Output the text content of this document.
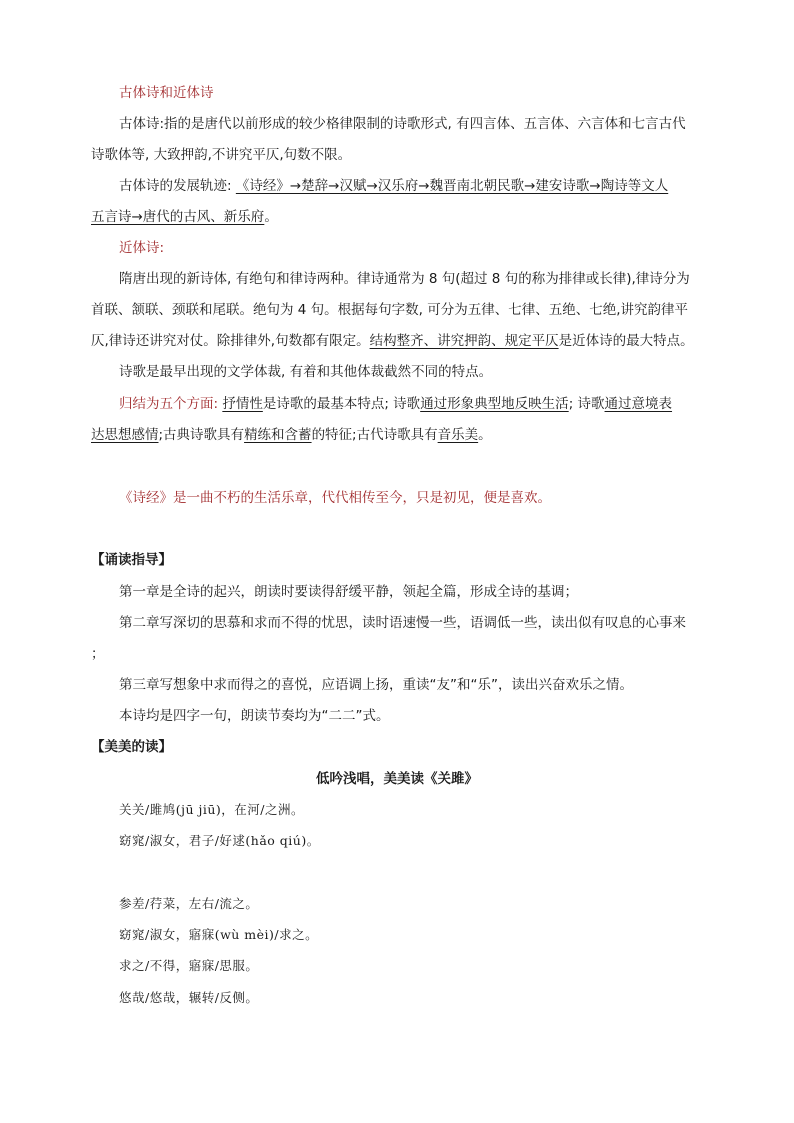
古体诗和近体诗
古体诗:指的是唐代以前形成的较少格律限制的诗歌形式, 有四言体、五言体、六言体和七言古代
诗歌体等, 大致押韵,不讲究平仄,句数不限。
古体诗的发展轨迹: 《诗经》→楚辞→汉赋→汉乐府→魏晋南北朝民歌→建安诗歌→陶诗等文人
五言诗→唐代的古风、新乐府。
近体诗:
隋唐出现的新诗体, 有绝句和律诗两种。律诗通常为 8 句(超过 8 句的称为排律或长律),律诗分为
首联、颔联、颈联和尾联。绝句为 4 句。根据每句字数, 可分为五律、七律、五绝、七绝,讲究韵律平
仄,律诗还讲究对仗。除排律外,句数都有限定。结构整齐、讲究押韵、规定平仄是近体诗的最大特点。
诗歌是最早出现的文学体裁, 有着和其他体裁截然不同的特点。
归结为五个方面: 抒情性是诗歌的最基本特点; 诗歌通过形象典型地反映生活; 诗歌通过意境表
达思想感情;古典诗歌具有精练和含蓄的特征;古代诗歌具有音乐美。
《诗经》是一曲不朽的生活乐章，代代相传至今，只是初见，便是喜欢。
【诵读指导】
第一章是全诗的起兴，朗读时要读得舒缓平静，领起全篇，形成全诗的基调；
第二章写深切的思慕和求而不得的忧思，读时语速慢一些，语调低一些，读出似有叹息的心事来
；
第三章写想象中求而得之的喜悦，应语调上扬，重读“友”和“乐”，读出兴奋欢乐之情。
本诗均是四字一句，朗读节奏均为“二二”式。
【美美的读】
低吟浅唱，美美读《关雎》
关关/雎鸠(jū jiū)，在河/之洲。
窈窕/淑女，君子/好逑(hǎo qiú)。
参差/荇菜，左右/流之。
窈窕/淑女，寤寐(wù mèi)/求之。
求之/不得，寤寐/思服。
悠哉/悠哉，辗转/反侧。
